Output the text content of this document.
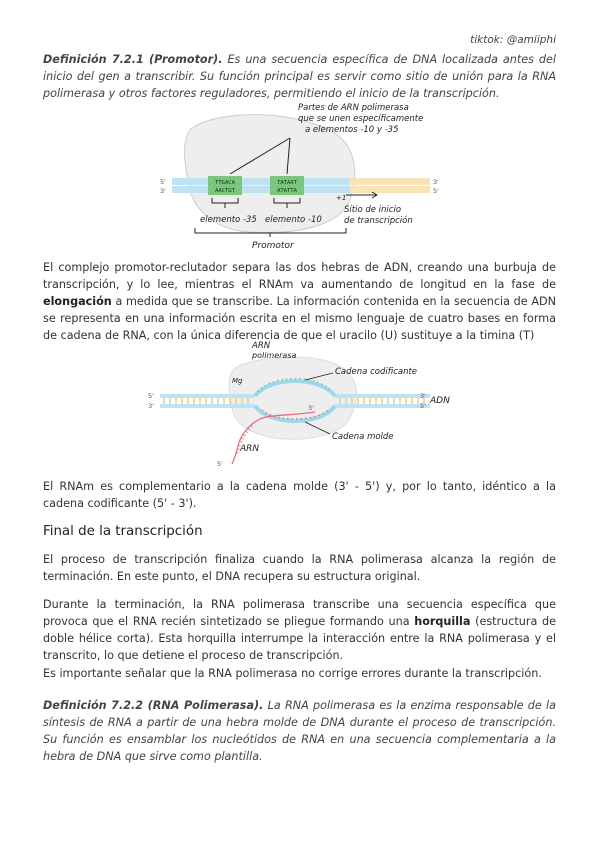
tiktok: @amiiphi
Definición 7.2.1 (Promotor). Es una secuencia específica de DNA localizada antes del inicio del gen a transcribir. Su función principal es servir como sitio de unión para la RNA polimerasa y otros factores reguladores, permitiendo el inicio de la transcripción.
TTGACA
AACTGT
TATAAT
ATATTA
5'
3'
3'
5'
Partes de ARN polimerasa
que se unen específicamente
a elementos -10 y -35
elemento -35 elemento -10
+1
Sitio de inicio
de transcripción
Promotor
El complejo promotor-reclutador separa las dos hebras de ADN, creando una burbuja de transcripción, y lo lee, mientras el RNAm va aumentando de longitud en la fase de elongación a medida que se transcribe. La información contenida en la secuencia de ADN se representa en una información escrita en el mismo lenguaje de cuatro bases en forma de cadena de RNA, con la única diferencia de que el uracilo (U) sustituye a la timina (T)
ARN
polimerasa
Mg
Cadena codificante
ADN
Cadena molde
ARN
5'
3'
3'
5'
3'
5'
El RNAm es complementario a la cadena molde (3' - 5') y, por lo tanto, idéntico a la cadena codificante (5' - 3').
Final de la transcripción
El proceso de transcripción finaliza cuando la RNA polimerasa alcanza la región de terminación. En este punto, el DNA recupera su estructura original.
Durante la terminación, la RNA polimerasa transcribe una secuencia específica que provoca que el RNA recién sintetizado se pliegue formando una horquilla (estructura de doble hélice corta). Esta horquilla interrumpe la interacción entre la RNA polimerasa y el transcrito, lo que detiene el proceso de transcripción.
Es importante señalar que la RNA polimerasa no corrige errores durante la transcripción.
Definición 7.2.2 (RNA Polimerasa). La RNA polimerasa es la enzima responsable de la síntesis de RNA a partir de una hebra molde de DNA durante el proceso de transcripción. Su función es ensamblar los nucleótidos de RNA en una secuencia complementaria a la hebra de DNA que sirve como plantilla.
